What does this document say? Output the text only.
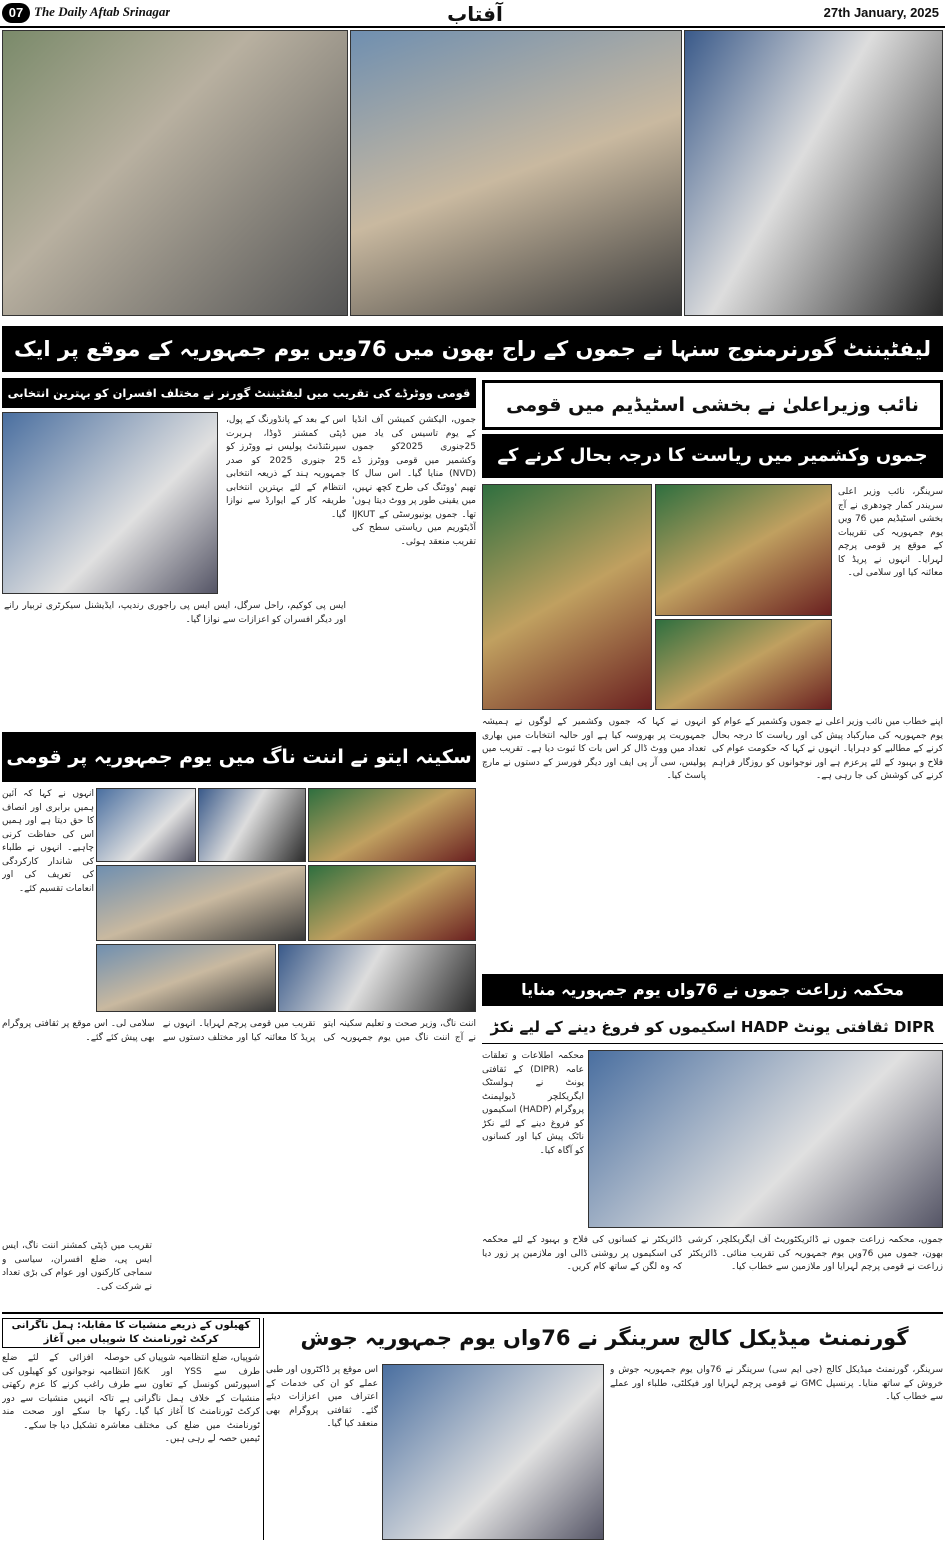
07 The Daily Aftab Srinagar	آفتاب	27th January, 2025
لیفٹیننٹ گورنرمنوج سنہا نے جموں کے راج بھون میں 76ویں یوم جمہوریہ کے موقع پر ایک
قومی ووٹرڈے کی تقریب میں لیفٹیننٹ گورنر نے مختلف افسران کو بہترین انتخابی
اس کے بعد کے پانڈورنگ کے پول، ڈپٹی کمشنر ڈوڈا، ہربرت سپرنٹنڈنٹ پولیس نے ووٹرز کو 25 جنوری 2025 کو صدر جمہوریہ ہند کے ذریعہ انتخابی انتظام کے لئے بہترین انتخابی طریقہ کار کے ایوارڈ سے نوازا گیا۔
جموں، الیکشن کمیشن آف انڈیا کے یوم تاسیس کی یاد میں 25جنوری 2025کو جموں وکشمیر میں قومی ووٹرز ڈے (NVD) منایا گیا۔ اس سال کا تھیم 'ووٹنگ کی طرح کچھ نہیں، میں یقینی طور پر ووٹ دیتا ہوں' تھا۔ جموں یونیورسٹی کے IJKUT آڈیٹوریم میں ریاستی سطح کی تقریب منعقد ہوئی۔
ایس پی کوکیم، راحل سرگل، ایس ایس پی راجوری رندیپ، ایڈیشنل سیکرٹری تربیار رانے اور دیگر افسران کو اعزازات سے نوازا گیا۔
نائب وزیراعلیٰ نے بخشی اسٹیڈیم میں قومی
جموں وکشمیر میں ریاست کا درجہ بحال کرنے کے
سرینگر، نائب وزیر اعلی سریندر کمار چودھری نے آج بخشی اسٹیڈیم میں 76 ویں یوم جمہوریہ کی تقریبات کے موقع پر قومی پرچم لہرایا۔ انہوں نے پریڈ کا معائنہ کیا اور سلامی لی۔
اپنے خطاب میں نائب وزیر اعلی نے جموں وکشمیر کے عوام کو یوم جمہوریہ کی مبارکباد پیش کی اور ریاست کا درجہ بحال کرنے کے مطالبے کو دہرایا۔ انہوں نے کہا کہ حکومت عوام کی فلاح و بہبود کے لئے پرعزم ہے اور نوجوانوں کو روزگار فراہم کرنے کی کوشش کی جا رہی ہے۔
انہوں نے کہا کہ جموں وکشمیر کے لوگوں نے ہمیشہ جمہوریت پر بھروسہ کیا ہے اور حالیہ انتخابات میں بھاری تعداد میں ووٹ ڈال کر اس بات کا ثبوت دیا ہے۔ تقریب میں پولیس، سی آر پی ایف اور دیگر فورسز کے دستوں نے مارچ پاسٹ کیا۔
سکینہ ایتو نے اننت ناگ میں یوم جمہوریہ پر قومی
انہوں نے کہا کہ آئین ہمیں برابری اور انصاف کا حق دیتا ہے اور ہمیں اس کی حفاظت کرنی چاہیے۔ انہوں نے طلباء کی شاندار کارکردگی کی تعریف کی اور انعامات تقسیم کئے۔
اننت ناگ، وزیر صحت و تعلیم سکینہ ایتو نے آج اننت ناگ میں یوم جمہوریہ کی تقریب میں قومی پرچم لہرایا۔ انہوں نے پریڈ کا معائنہ کیا اور مختلف دستوں سے سلامی لی۔ اس موقع پر ثقافتی پروگرام بھی پیش کئے گئے۔
تقریب میں ڈپٹی کمشنر اننت ناگ، ایس ایس پی، ضلع افسران، سیاسی و سماجی کارکنوں اور عوام کی بڑی تعداد نے شرکت کی۔
محکمہ زراعت جموں نے 76واں یوم جمہوریہ منایا
DIPR ثقافتی یونٹ HADP اسکیموں کو فروغ دینے کے لیے نکڑ
محکمہ اطلاعات و تعلقات عامہ (DIPR) کے ثقافتی یونٹ نے ہولسٹک ایگریکلچر ڈیولپمنٹ پروگرام (HADP) اسکیموں کو فروغ دینے کے لئے نکڑ ناٹک پیش کیا اور کسانوں کو آگاہ کیا۔
جموں، محکمہ زراعت جموں نے ڈائریکٹوریٹ آف ایگریکلچر، کرشی بھون، جموں میں 76ویں یوم جمہوریہ کی تقریب منائی۔ ڈائریکٹر زراعت نے قومی پرچم لہرایا اور ملازمین سے خطاب کیا۔
ڈائریکٹر نے کسانوں کی فلاح و بہبود کے لئے محکمہ کی اسکیموں پر روشنی ڈالی اور ملازمین پر زور دیا کہ وہ لگن کے ساتھ کام کریں۔
کھیلوں کے ذریعے منشیات کا مقابلہ: ہمل ناگرانی کرکٹ ٹورنامنٹ کا شوپیاں میں آغاز	گورنمنٹ میڈیکل کالج سرینگر نے 76واں یوم جمہوریہ جوش
حوصلہ افزائی کے لئے ضلع انتظامیہ نوجوانوں کو کھیلوں کی طرف راغب کرنے کا عزم رکھتی ہے تاکہ انہیں منشیات سے دور رکھا جا سکے اور صحت مند معاشرہ تشکیل دیا جا سکے۔
شوپیاں، ضلع انتظامیہ شوپیاں کی طرف سے YSS اور J&K اسپورٹس کونسل کے تعاون سے منشیات کے خلاف ہمل ناگرانی کرکٹ ٹورنامنٹ کا آغاز کیا گیا۔ ٹورنامنٹ میں ضلع کی مختلف ٹیمیں حصہ لے رہی ہیں۔
اس موقع پر ڈاکٹروں اور طبی عملے کو ان کی خدمات کے اعتراف میں اعزازات دیئے گئے۔ ثقافتی پروگرام بھی منعقد کیا گیا۔
سرینگر، گورنمنٹ میڈیکل کالج (جی ایم سی) سرینگر نے 76واں یوم جمہوریہ جوش و خروش کے ساتھ منایا۔ پرنسپل GMC نے قومی پرچم لہرایا اور فیکلٹی، طلباء اور عملے سے خطاب کیا۔
